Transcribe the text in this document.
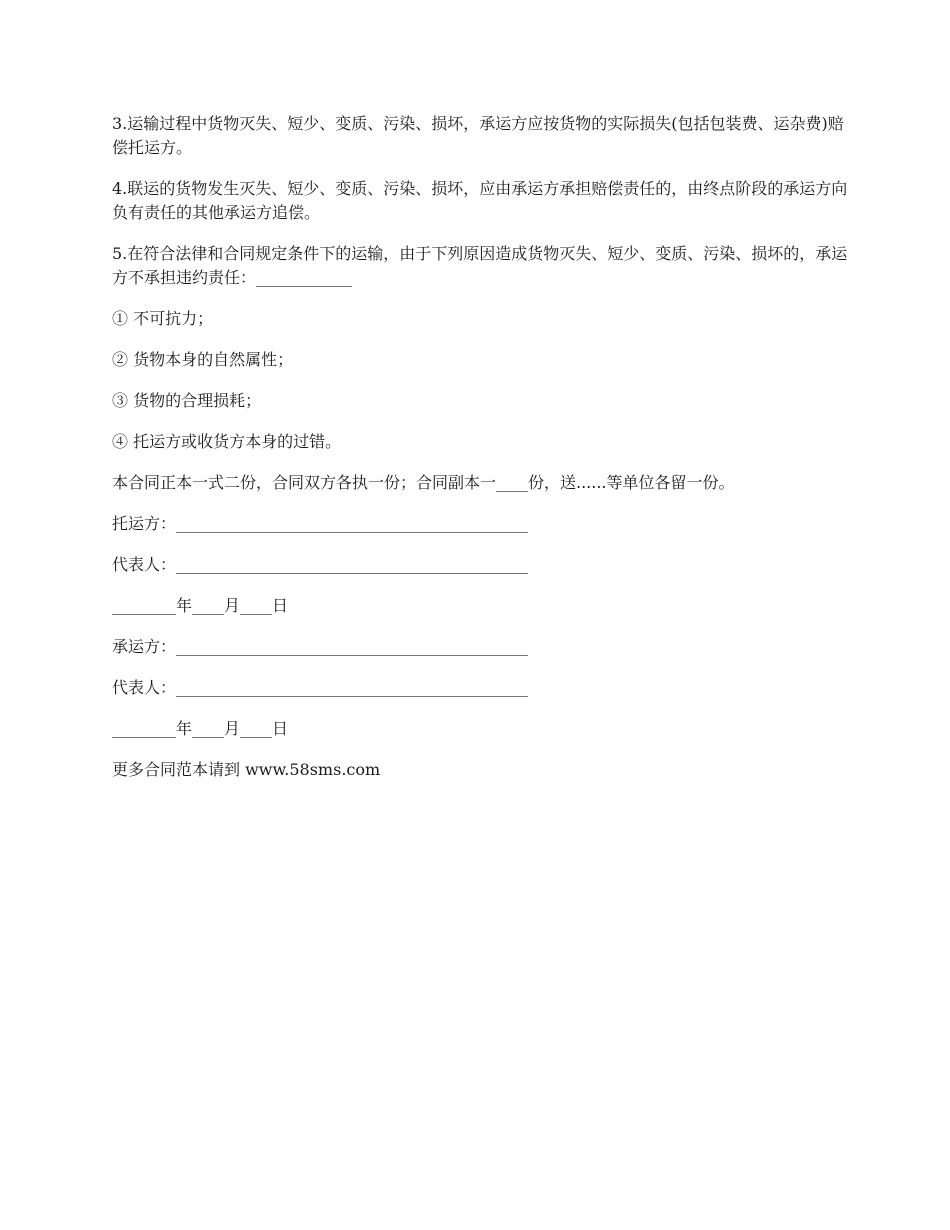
3.运输过程中货物灭失、短少、变质、污染、损坏，承运方应按货物的实际损失(包括包装费、运杂费)赔偿托运方。

4.联运的货物发生灭失、短少、变质、污染、损坏，应由承运方承担赔偿责任的，由终点阶段的承运方向负有责任的其他承运方追偿。

5.在符合法律和合同规定条件下的运输，由于下列原因造成货物灭失、短少、变质、污染、损坏的，承运方不承担违约责任：____________

① 不可抗力；

② 货物本身的自然属性；

③ 货物的合理损耗；

④ 托运方或收货方本身的过错。

本合同正本一式二份，合同双方各执一份；合同副本一____份，送......等单位各留一份。

托运方：____________________________________________

代表人：____________________________________________

________年____月____日

承运方：____________________________________________

代表人：____________________________________________

________年____月____日

更多合同范本请到 www.58sms.com
